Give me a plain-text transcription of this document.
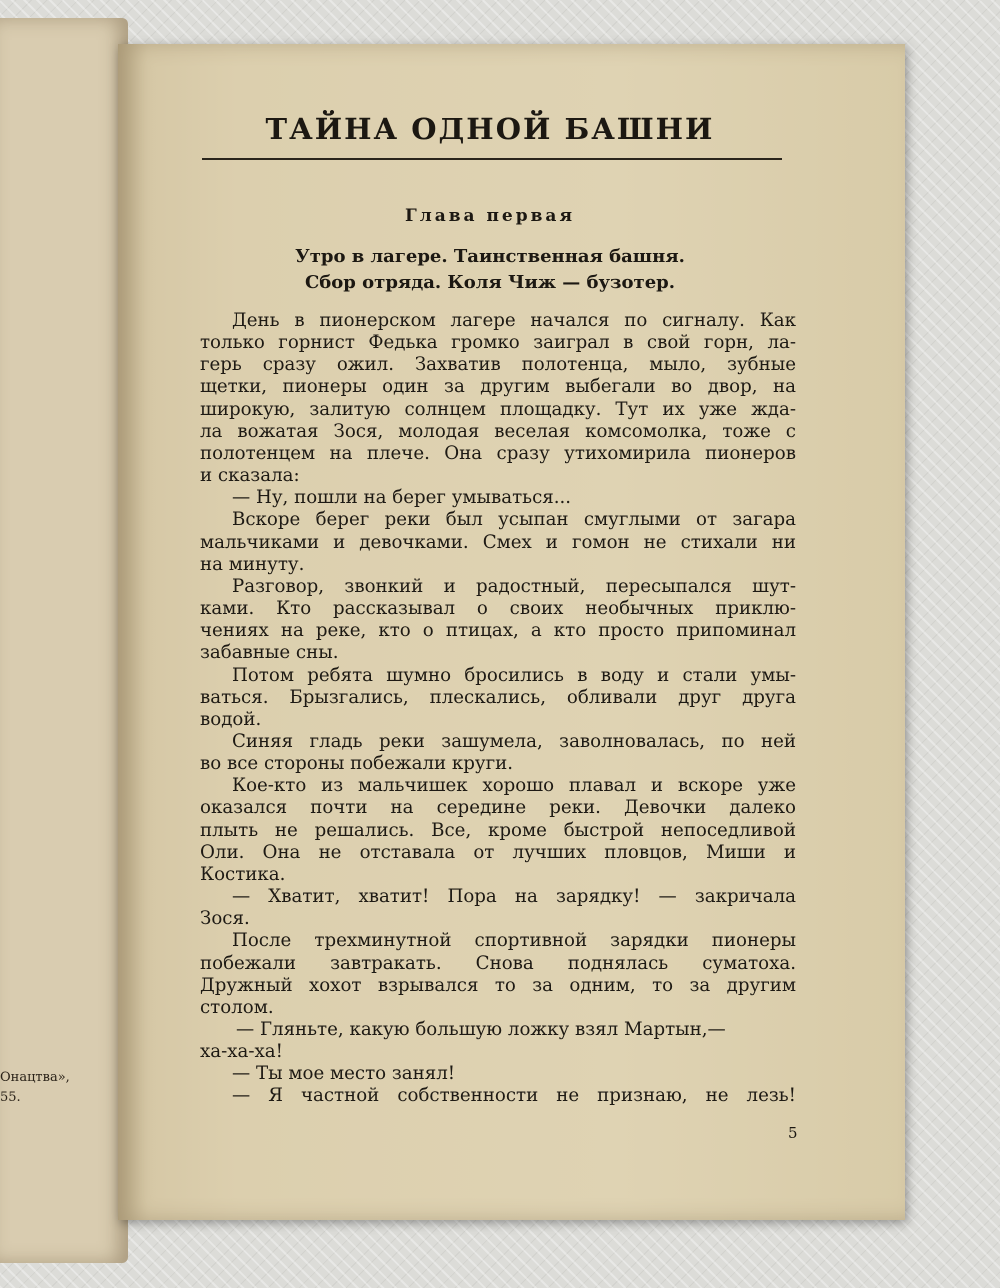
Онацтва»,
55.
ТАЙНА ОДНОЙ БАШНИ
Глава первая
Утро в лагере. Таинственная башня.
Сбор отряда. Коля Чиж — бузотер.
День в пионерском лагере начался по сигналу. Как
только горнист Федька громко заиграл в свой горн, ла-
герь сразу ожил. Захватив полотенца, мыло, зубные
щетки, пионеры один за другим выбегали во двор, на
широкую, залитую солнцем площадку. Тут их уже жда-
ла вожатая Зося, молодая веселая комсомолка, тоже с
полотенцем на плече. Она сразу утихомирила пионеров
и сказала:
— Ну, пошли на берег умываться...
Вскоре берег реки был усыпан смуглыми от загара
мальчиками и девочками. Смех и гомон не стихали ни
на минуту.
Разговор, звонкий и радостный, пересыпался шут-
ками. Кто рассказывал о своих необычных приклю-
чениях на реке, кто о птицах, а кто просто припоминал
забавные сны.
Потом ребята шумно бросились в воду и стали умы-
ваться. Брызгались, плескались, обливали друг друга
водой.
Синяя гладь реки зашумела, заволновалась, по ней
во все стороны побежали круги.
Кое-кто из мальчишек хорошо плавал и вскоре уже
оказался почти на середине реки. Девочки далеко
плыть не решались. Все, кроме быстрой непоседливой
Оли. Она не отставала от лучших пловцов, Миши и
Костика.
— Хватит, хватит! Пора на зарядку! — закричала
Зося.
После трехминутной спортивной зарядки пионеры
побежали завтракать. Снова поднялась суматоха.
Дружный хохот взрывался то за одним, то за другим
столом.
— Гляньте, какую большую ложку взял Мартын,—
ха-ха-ха!
— Ты мое место занял!
— Я частной собственности не признаю, не лезь!
5
